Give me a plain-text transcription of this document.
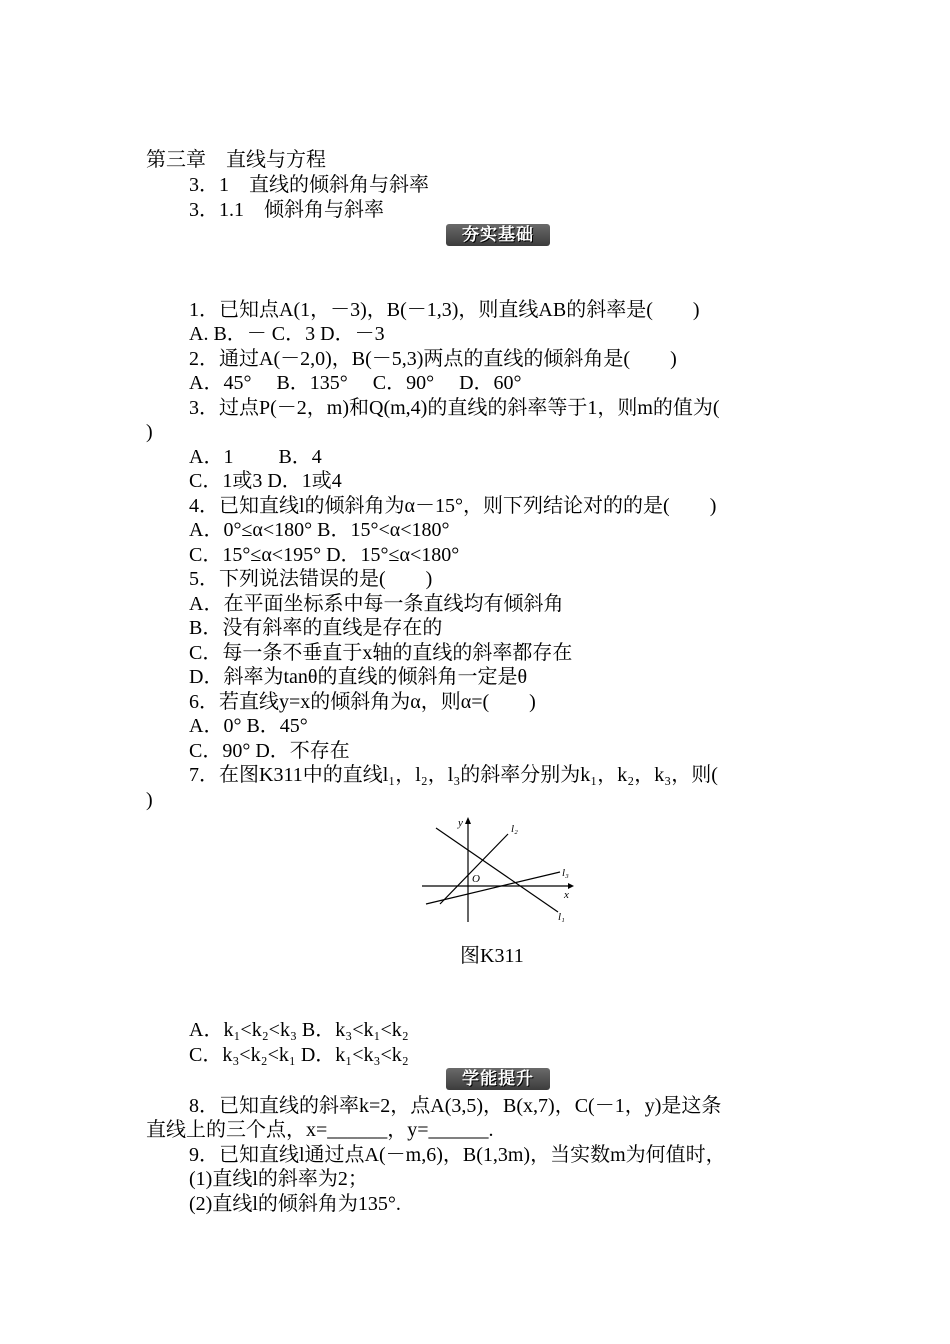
第三章　直线与方程
3．1　直线的倾斜角与斜率
3．1.1　倾斜角与斜率
夯实基础
1．已知点A(1，－3)，B(－1,3)，则直线AB的斜率是(　　)
A. B．－ C．3 D．－3
2．通过A(－2,0)，B(－5,3)两点的直线的倾斜角是(　　)
A．45°　 B．135°　 C．90°　 D．60°
3．过点P(－2，m)和Q(m,4)的直线的斜率等于1，则m的值为(
)
A．1　　 B．4
C．1或3 D．1或4
4．已知直线l的倾斜角为α－15°，则下列结论对的的是(　　)
A．0°≤α<180° B．15°<α<180°
C．15°≤α<195° D．15°≤α<180°
5．下列说法错误的是(　　)
A．在平面坐标系中每一条直线均有倾斜角
B．没有斜率的直线是存在的
C．每一条不垂直于x轴的直线的斜率都存在
D．斜率为tanθ的直线的倾斜角一定是θ
6．若直线y=x的倾斜角为α，则α=(　　)
A．0° B．45°
C．90° D．不存在
7．在图K311中的直线l₁，l₂，l₃的斜率分别为k₁，k₂，k₃，则(
)
y
x
O
l₁
l₂
l₃
图K311
A．k₁<k₂<k₃ B．k₃<k₁<k₂
C．k₃<k₂<k₁ D．k₁<k₃<k₂
学能提升
8．已知直线的斜率k=2，点A(3,5)，B(x,7)，C(－1，y)是这条
直线上的三个点，x=______，y=______.
9．已知直线l通过点A(－m,6)，B(1,3m)，当实数m为何值时，
(1)直线l的斜率为2；
(2)直线l的倾斜角为135°.
